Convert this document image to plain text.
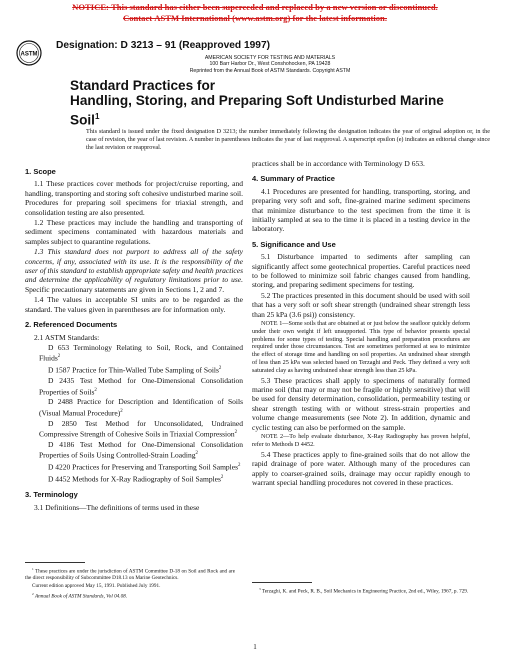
NOTICE: This standard has either been superceded and replaced by a new version or discontinued.
Contact ASTM International (www.astm.org) for the latest information.
ASTM
Designation: D 3213 – 91 (Reapproved 1997)
AMERICAN SOCIETY FOR TESTING AND MATERIALS
100 Barr Harbor Dr., West Conshohocken, PA 19428
Reprinted from the Annual Book of ASTM Standards. Copyright ASTM
Standard Practices for
Handling, Storing, and Preparing Soft Undisturbed Marine
Soil$^1$
This standard is issued under the fixed designation D 3213; the number immediately following the designation indicates the year of original adoption or, in the case of revision, the year of last revision. A number in parentheses indicates the year of last reapproval. A superscript epsilon (e) indicates an editorial change since the last revision or reapproval.
1. Scope

1.1 These practices cover methods for project/cruise reporting, and handling, transporting and storing soft cohesive undisturbed marine soil. Procedures for preparing soil specimens for triaxial strength, and consolidation testing are also presented.

1.2 These practices may include the handling and transporting of sediment specimens contaminated with hazardous materials and samples subject to quarantine regulations.

1.3 This standard does not purport to address all of the safety concerns, if any, associated with its use. It is the responsibility of the user of this standard to establish appropriate safety and health practices and determine the applicability of regulatory limitations prior to use. Specific precautionary statements are given in Sections 1, 2 and 7.

1.4 The values in acceptable SI units are to be regarded as the standard. The values given in parentheses are for information only.

2. Referenced Documents

2.1 ASTM Standards:

D 653 Terminology Relating to Soil, Rock, and Contained Fluids$^2$

D 1587 Practice for Thin-Walled Tube Sampling of Soils$^2$

D 2435 Test Method for One-Dimensional Consolidation Properties of Soils$^2$

D 2488 Practice for Description and Identification of Soils (Visual Manual Procedure)$^2$

D 2850 Test Method for Unconsolidated, Undrained Compressive Strength of Cohesive Soils in Triaxial Compression$^2$

D 4186 Test Method for One-Dimensional Consolidation Properties of Soils Using Controlled-Strain Loading$^2$

D 4220 Practices for Preserving and Transporting Soil Samples$^2$

D 4452 Methods for X-Ray Radiography of Soil Samples$^2$

3. Terminology

3.1 Definitions—The definitions of terms used in these

practices shall be in accordance with Terminology D 653.

4. Summary of Practice

4.1 Procedures are presented for handling, transporting, storing, and preparing very soft and soft, fine-grained marine sediment specimens that minimize disturbance to the test specimen from the time it is initially sampled at sea to the time it is placed in a testing device in the laboratory.

5. Significance and Use

5.1 Disturbance imparted to sediments after sampling can significantly affect some geotechnical properties. Careful practices need to be followed to minimize soil fabric changes caused from handling, storing, and preparing sediment specimens for testing.

5.2 The practices presented in this document should be used with soil that has a very soft or soft shear strength (undrained shear strength less than 25 kPa (3.6 psi)) consistency.

NOTE 1—Some soils that are obtained at or just below the seafloor quickly deform under their own weight if left unsupported. This type of behavior presents special problems for some types of testing. Special handling and preparation procedures are required under those circumstances. Test are sometimes performed at sea to minimize the effect of storage time and handling on soil properties. An undrained shear strength of less than 25 kPa was selected based on Terzaghi and Peck. They defined a very soft saturated clay as having undrained shear strength less than 25 kPa.

5.3 These practices shall apply to specimens of naturally formed marine soil (that may or may not be fragile or highly sensitive) that will be used for density determination, consolidation, permeability testing or shear strength testing with or without stress-strain properties and volume change measurements (see Note 2). In addition, dynamic and cyclic testing can also be performed on the sample.

NOTE 2—To help evaluate disturbance, X-Ray Radiography has proven helpful, refer to Methods D 4452.

5.4 These practices apply to fine-grained soils that do not allow the rapid drainage of pore water. Although many of the procedures can apply to coarser-grained soils, drainage may occur rapidly enough to warrant special handling procedures not covered in these practices.

$^1$ These practices are under the jurisdiction of ASTM Committee D-18 on Soil and Rock and are the direct responsibility of Subcommittee D18.13 on Marine Geotechnics.

Current edition approved May 15, 1991. Published July 1991.

$^2$ Annual Book of ASTM Standards, Vol 04.08.

$^3$ Terzaghi, K. and Peck, R. B., Soil Mechanics in Engineering Practice, 2nd ed., Wiley, 1967, p. 729.

1
